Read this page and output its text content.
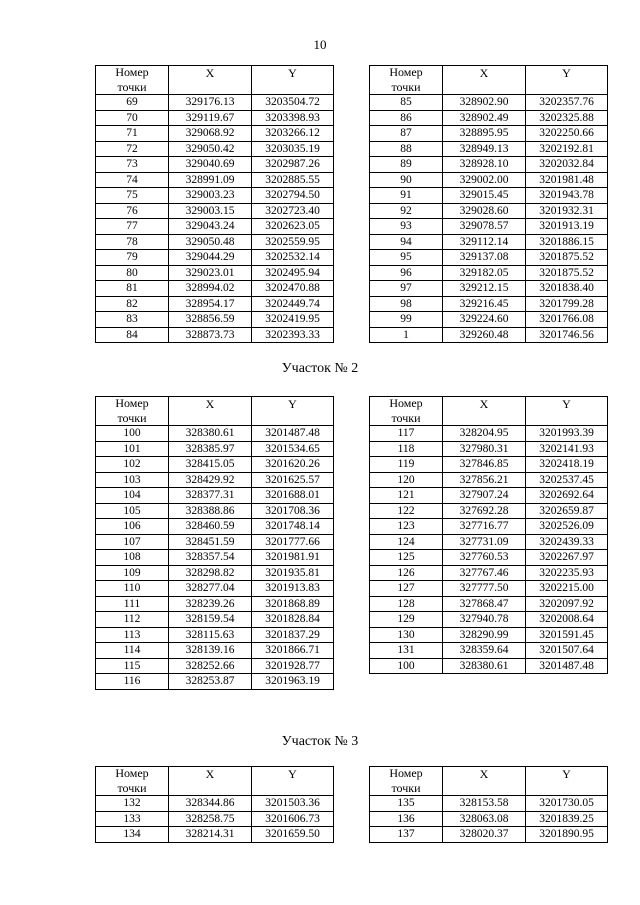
10
Номер	X	Y
точки		
69	329176.13	3203504.72
70	329119.67	3203398.93
71	329068.92	3203266.12
72	329050.42	3203035.19
73	329040.69	3202987.26
74	328991.09	3202885.55
75	329003.23	3202794.50
76	329003.15	3202723.40
77	329043.24	3202623.05
78	329050.48	3202559.95
79	329044.29	3202532.14
80	329023.01	3202495.94
81	328994.02	3202470.88
82	328954.17	3202449.74
83	328856.59	3202419.95
84	328873.73	3202393.33
Номер	X	Y
точки		
85	328902.90	3202357.76
86	328902.49	3202325.88
87	328895.95	3202250.66
88	328949.13	3202192.81
89	328928.10	3202032.84
90	329002.00	3201981.48
91	329015.45	3201943.78
92	329028.60	3201932.31
93	329078.57	3201913.19
94	329112.14	3201886.15
95	329137.08	3201875.52
96	329182.05	3201875.52
97	329212.15	3201838.40
98	329216.45	3201799.28
99	329224.60	3201766.08
1	329260.48	3201746.56
Участок № 2
Номер	X	Y
точки		
100	328380.61	3201487.48
101	328385.97	3201534.65
102	328415.05	3201620.26
103	328429.92	3201625.57
104	328377.31	3201688.01
105	328388.86	3201708.36
106	328460.59	3201748.14
107	328451.59	3201777.66
108	328357.54	3201981.91
109	328298.82	3201935.81
110	328277.04	3201913.83
111	328239.26	3201868.89
112	328159.54	3201828.84
113	328115.63	3201837.29
114	328139.16	3201866.71
115	328252.66	3201928.77
116	328253.87	3201963.19
Номер	X	Y
точки		
117	328204.95	3201993.39
118	327980.31	3202141.93
119	327846.85	3202418.19
120	327856.21	3202537.45
121	327907.24	3202692.64
122	327692.28	3202659.87
123	327716.77	3202526.09
124	327731.09	3202439.33
125	327760.53	3202267.97
126	327767.46	3202235.93
127	327777.50	3202215.00
128	327868.47	3202097.92
129	327940.78	3202008.64
130	328290.99	3201591.45
131	328359.64	3201507.64
100	328380.61	3201487.48
Участок № 3
Номер	X	Y
точки		
132	328344.86	3201503.36
133	328258.75	3201606.73
134	328214.31	3201659.50
Номер	X	Y
точки		
135	328153.58	3201730.05
136	328063.08	3201839.25
137	328020.37	3201890.95
